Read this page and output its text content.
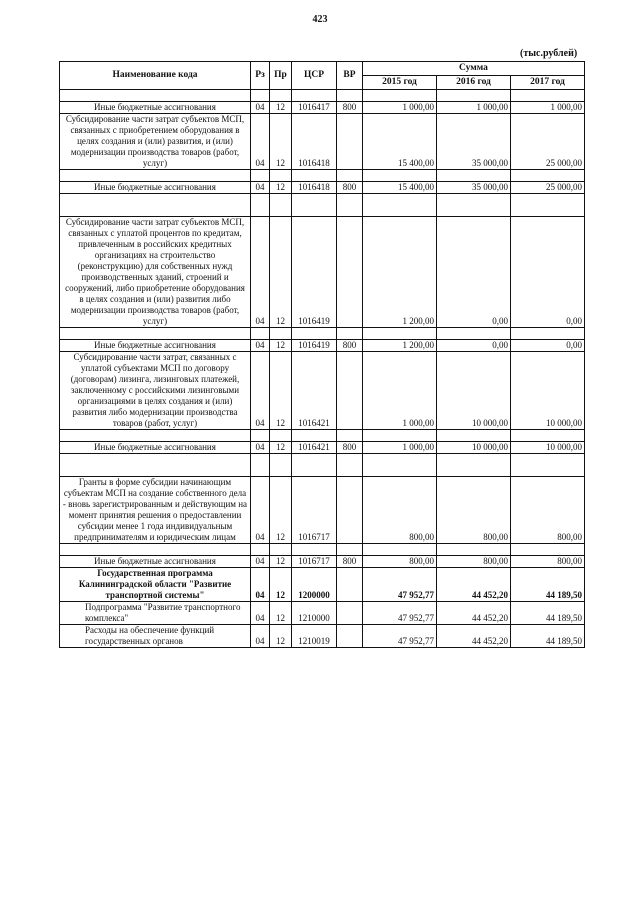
423
(тыс.рублей)
Наименование кода	Рз	Пр	ЦСР	ВР	Сумма		
					2015 год	2016 год	2017 год

Иные бюджетные ассигнования	04	12	1016417	800	1 000,00	1 000,00	1 000,00
Субсидирование части затрат субъектов МСП, связанных с приобретением оборудования в целях создания и (или) развития, и (или) модернизации производства товаров (работ, услуг)	04	12	1016418		15 400,00	35 000,00	25 000,00

Иные бюджетные ассигнования	04	12	1016418	800	15 400,00	35 000,00	25 000,00

Субсидирование части затрат субъектов МСП, связанных с уплатой процентов по кредитам, привлеченным в российских кредитных организациях на строительство (реконструкцию) для собственных нужд производственных зданий, строений и сооружений, либо приобретение оборудования в целях создания и (или) развития либо модернизации производства товаров (работ, услуг)	04	12	1016419		1 200,00	0,00	0,00

Иные бюджетные ассигнования	04	12	1016419	800	1 200,00	0,00	0,00
Субсидирование части затрат, связанных с уплатой субъектами МСП по договору (договорам) лизинга, лизинговых платежей, заключенному с российскими лизинговыми организациями в целях создания и (или) развития либо модернизации производства товаров (работ, услуг)	04	12	1016421		1 000,00	10 000,00	10 000,00

Иные бюджетные ассигнования	04	12	1016421	800	1 000,00	10 000,00	10 000,00

Гранты в форме субсидии начинающим субъектам МСП на создание собственного дела - вновь зарегистрированным и действующим на момент принятия решения о предоставлении субсидии менее 1 года индивидуальным предпринимателям и юридическим лицам	04	12	1016717		800,00	800,00	800,00

Иные бюджетные ассигнования	04	12	1016717	800	800,00	800,00	800,00
Государственная программа Калининградской области "Развитие транспортной системы"	04	12	1200000		47 952,77	44 452,20	44 189,50
Подпрограмма "Развитие транспортного комплекса"	04	12	1210000		47 952,77	44 452,20	44 189,50
Расходы на обеспечение функций государственных органов	04	12	1210019		47 952,77	44 452,20	44 189,50
